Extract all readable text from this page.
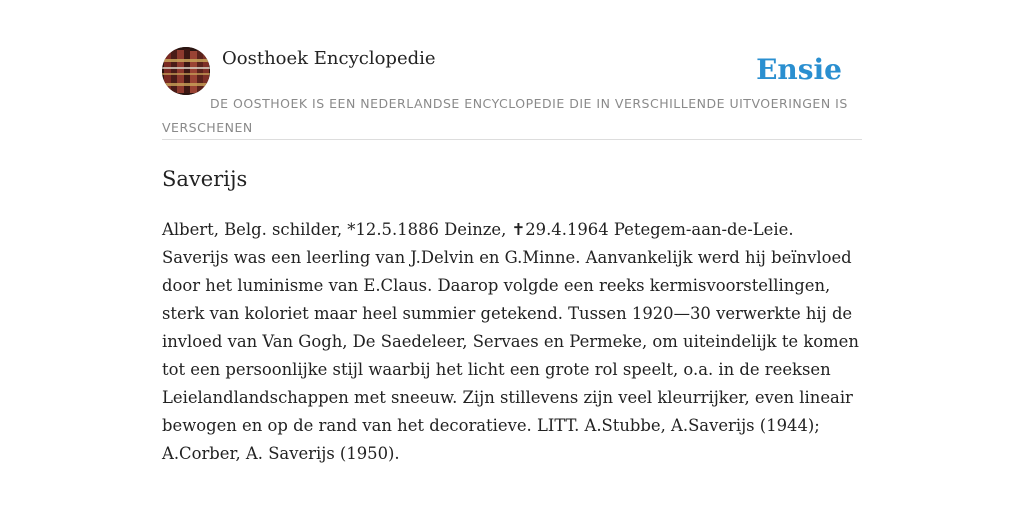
Oosthoek Encyclopedie	Ensie
DE OOSTHOEK IS EEN NEDERLANDSE ENCYCLOPEDIE DIE IN VERSCHILLENDE UITVOERINGEN IS VERSCHENEN
Saverijs

Albert, Belg. schilder, *12.5.1886 Deinze, ✝29.4.1964 Petegem-aan-de-Leie. Saverijs was een leerling van J.Delvin en G.Minne. Aanvankelijk werd hij beïnvloed door het luminisme van E.Claus. Daarop volgde een reeks kermisvoorstellingen, sterk van koloriet maar heel summier getekend. Tussen 1920—30 verwerkte hij de invloed van Van Gogh, De Saedeleer, Servaes en Permeke, om uiteindelijk te komen tot een persoonlijke stijl waarbij het licht een grote rol speelt, o.a. in de reeksen Leielandlandschappen met sneeuw. Zijn stillevens zijn veel kleurrijker, even lineair bewogen en op de rand van het decoratieve. LITT. A.Stubbe, A.Saverijs (1944); A.Corber, A. Saverijs (1950).
